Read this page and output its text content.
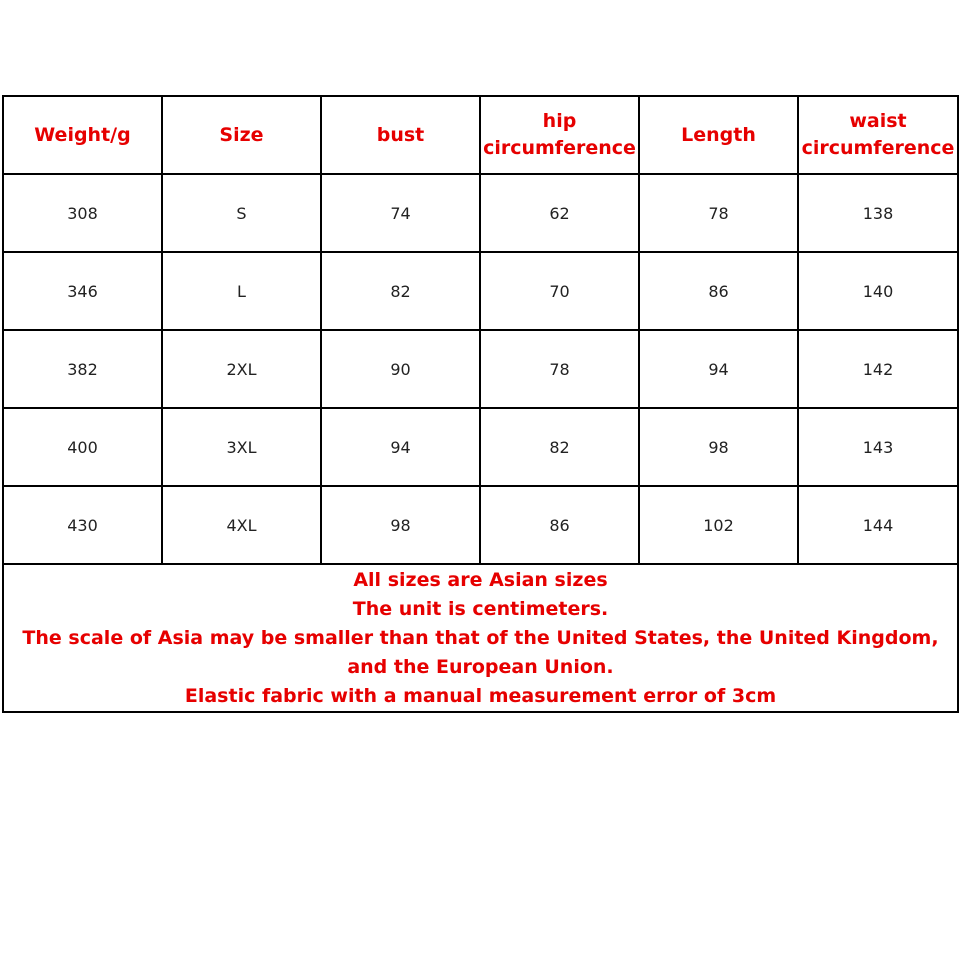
Weight/g	Size	bust	hip circumference	Length	waist circumference
308	S	74	62	78	138
346	L	82	70	86	140
382	2XL	90	78	94	142
400	3XL	94	82	98	143
430	4XL	98	86	102	144

All sizes are Asian sizes
The unit is centimeters.
The scale of Asia may be smaller than that of the United States, the United Kingdom, and the European Union.
Elastic fabric with a manual measurement error of 3cm					
